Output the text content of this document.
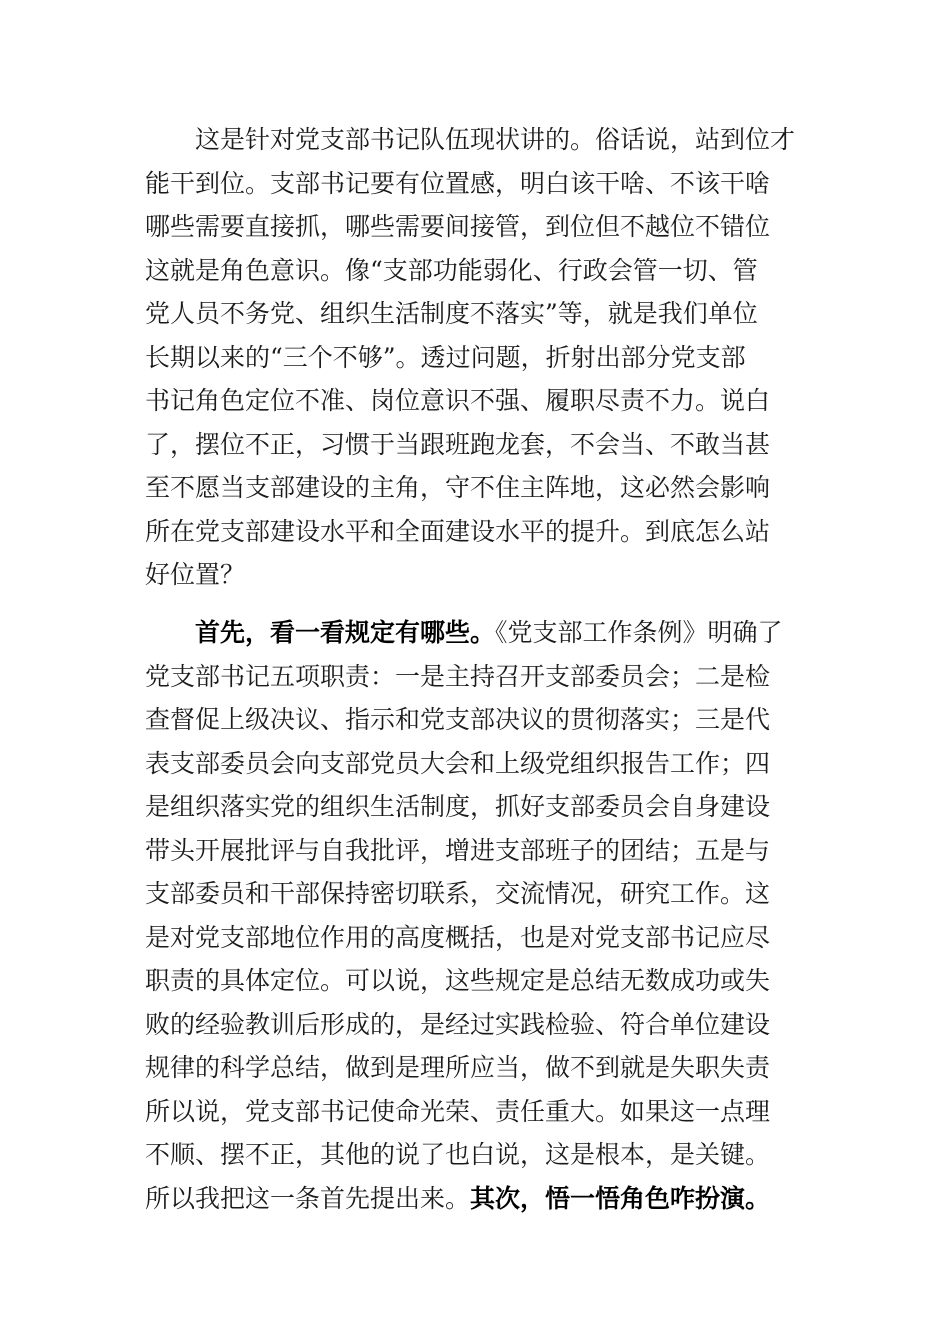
　　这是针对党支部书记队伍现状讲的。俗话说，站到位才
能干到位。支部书记要有位置感，明白该干啥、不该干啥
哪些需要直接抓，哪些需要间接管，到位但不越位不错位
这就是角色意识。像“支部功能弱化、行政会管一切、管
党人员不务党、组织生活制度不落实”等，就是我们单位
长期以来的“三个不够”。透过问题，折射出部分党支部
书记角色定位不准、岗位意识不强、履职尽责不力。说白
了，摆位不正，习惯于当跟班跑龙套，不会当、不敢当甚
至不愿当支部建设的主角，守不住主阵地，这必然会影响
所在党支部建设水平和全面建设水平的提升。到底怎么站
好位置？
　　首先，看一看规定有哪些。《党支部工作条例》明确了
党支部书记五项职责：一是主持召开支部委员会；二是检
查督促上级决议、指示和党支部决议的贯彻落实；三是代
表支部委员会向支部党员大会和上级党组织报告工作；四
是组织落实党的组织生活制度，抓好支部委员会自身建设
带头开展批评与自我批评，增进支部班子的团结；五是与
支部委员和干部保持密切联系，交流情况，研究工作。这
是对党支部地位作用的高度概括，也是对党支部书记应尽
职责的具体定位。可以说，这些规定是总结无数成功或失
败的经验教训后形成的，是经过实践检验、符合单位建设
规律的科学总结，做到是理所应当，做不到就是失职失责
所以说，党支部书记使命光荣、责任重大。如果这一点理
不顺、摆不正，其他的说了也白说，这是根本，是关键。
所以我把这一条首先提出来。其次，悟一悟角色咋扮演。
